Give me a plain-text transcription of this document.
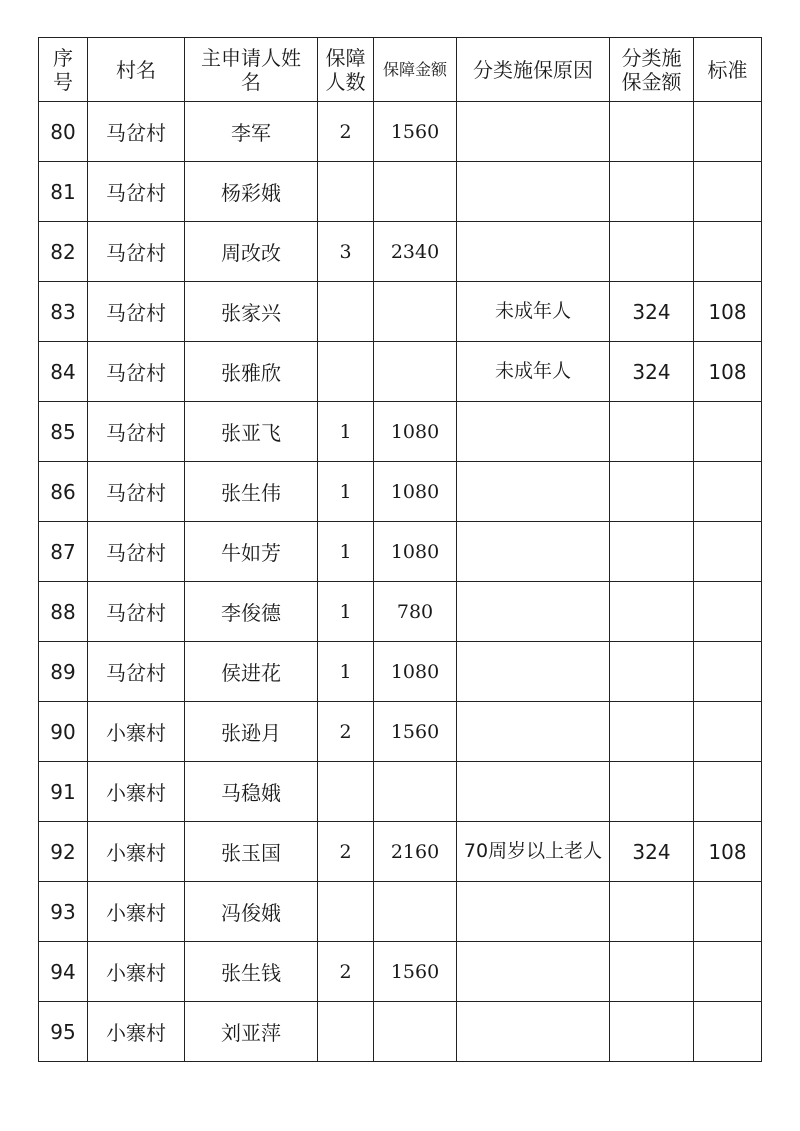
序号	村名	主申请人姓名	保障人数	保障金额	分类施保原因	分类施保金额	标准
80	马岔村	李军	2	1560			
81	马岔村	杨彩娥					
82	马岔村	周改改	3	2340			
83	马岔村	张家兴			未成年人	324	108
84	马岔村	张雅欣			未成年人	324	108
85	马岔村	张亚飞	1	1080			
86	马岔村	张生伟	1	1080			
87	马岔村	牛如芳	1	1080			
88	马岔村	李俊德	1	780			
89	马岔村	侯进花	1	1080			
90	小寨村	张逊月	2	1560			
91	小寨村	马稳娥					
92	小寨村	张玉国	2	2160	70周岁以上老人	324	108
93	小寨村	冯俊娥					
94	小寨村	张生钱	2	1560			
95	小寨村	刘亚萍					
